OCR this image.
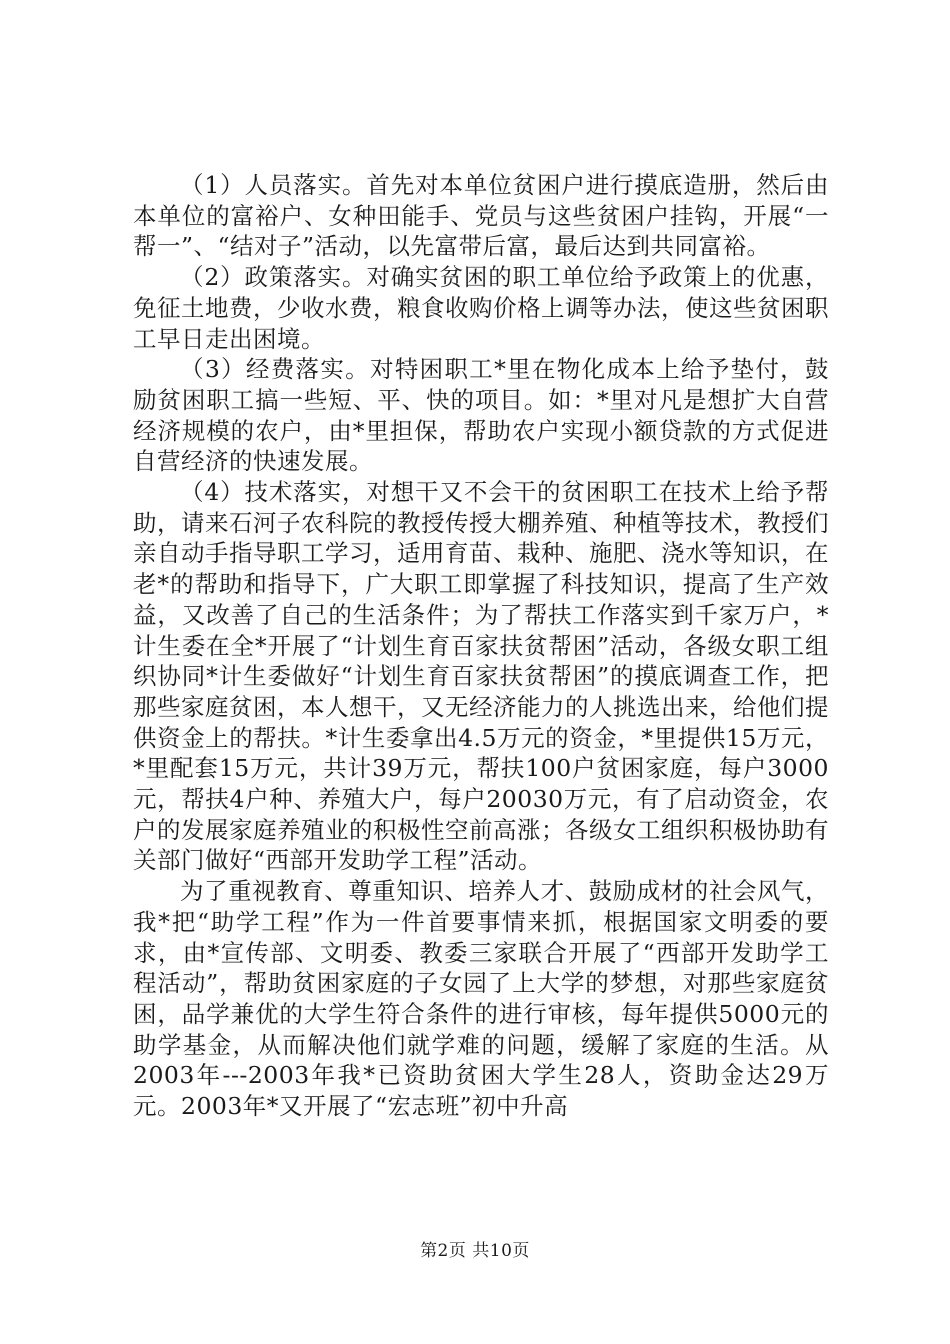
（1）人员落实。首先对本单位贫困户进行摸底造册，然后由本单位的富裕户、女种田能手、党员与这些贫困户挂钩，开展“一帮一”、“结对子”活动，以先富带后富，最后达到共同富裕。

（2）政策落实。对确实贫困的职工单位给予政策上的优惠，免征土地费，少收水费，粮食收购价格上调等办法，使这些贫困职工早日走出困境。

（3）经费落实。对特困职工*里在物化成本上给予垫付，鼓励贫困职工搞一些短、平、快的项目。如：*里对凡是想扩大自营经济规模的农户，由*里担保，帮助农户实现小额贷款的方式促进自营经济的快速发展。

（4）技术落实，对想干又不会干的贫困职工在技术上给予帮助，请来石河子农科院的教授传授大棚养殖、种植等技术，教授们亲自动手指导职工学习，适用育苗、栽种、施肥、浇水等知识，在老*的帮助和指导下，广大职工即掌握了科技知识，提高了生产效益，又改善了自己的生活条件；为了帮扶工作落实到千家万户，*计生委在全*开展了“计划生育百家扶贫帮困”活动，各级女职工组织协同*计生委做好“计划生育百家扶贫帮困”的摸底调查工作，把那些家庭贫困，本人想干，又无经济能力的人挑选出来，给他们提供资金上的帮扶。*计生委拿出4.5万元的资金，*里提供15万元，*里配套15万元，共计39万元，帮扶100户贫困家庭，每户3000元，帮扶4户种、养殖大户，每户20030万元，有了启动资金，农户的发展家庭养殖业的积极性空前高涨；各级女工组织积极协助有关部门做好“西部开发助学工程”活动。

为了重视教育、尊重知识、培养人才、鼓励成材的社会风气，我*把“助学工程”作为一件首要事情来抓，根据国家文明委的要求，由*宣传部、文明委、教委三家联合开展了“西部开发助学工程活动”，帮助贫困家庭的子女园了上大学的梦想，对那些家庭贫困，品学兼优的大学生符合条件的进行审核，每年提供5000元的助学基金，从而解决他们就学难的问题，缓解了家庭的生活。从2003年---2003年我*已资助贫困大学生28人，资助金达29万元。2003年*又开展了“宏志班”初中升高

第2页 共10页
